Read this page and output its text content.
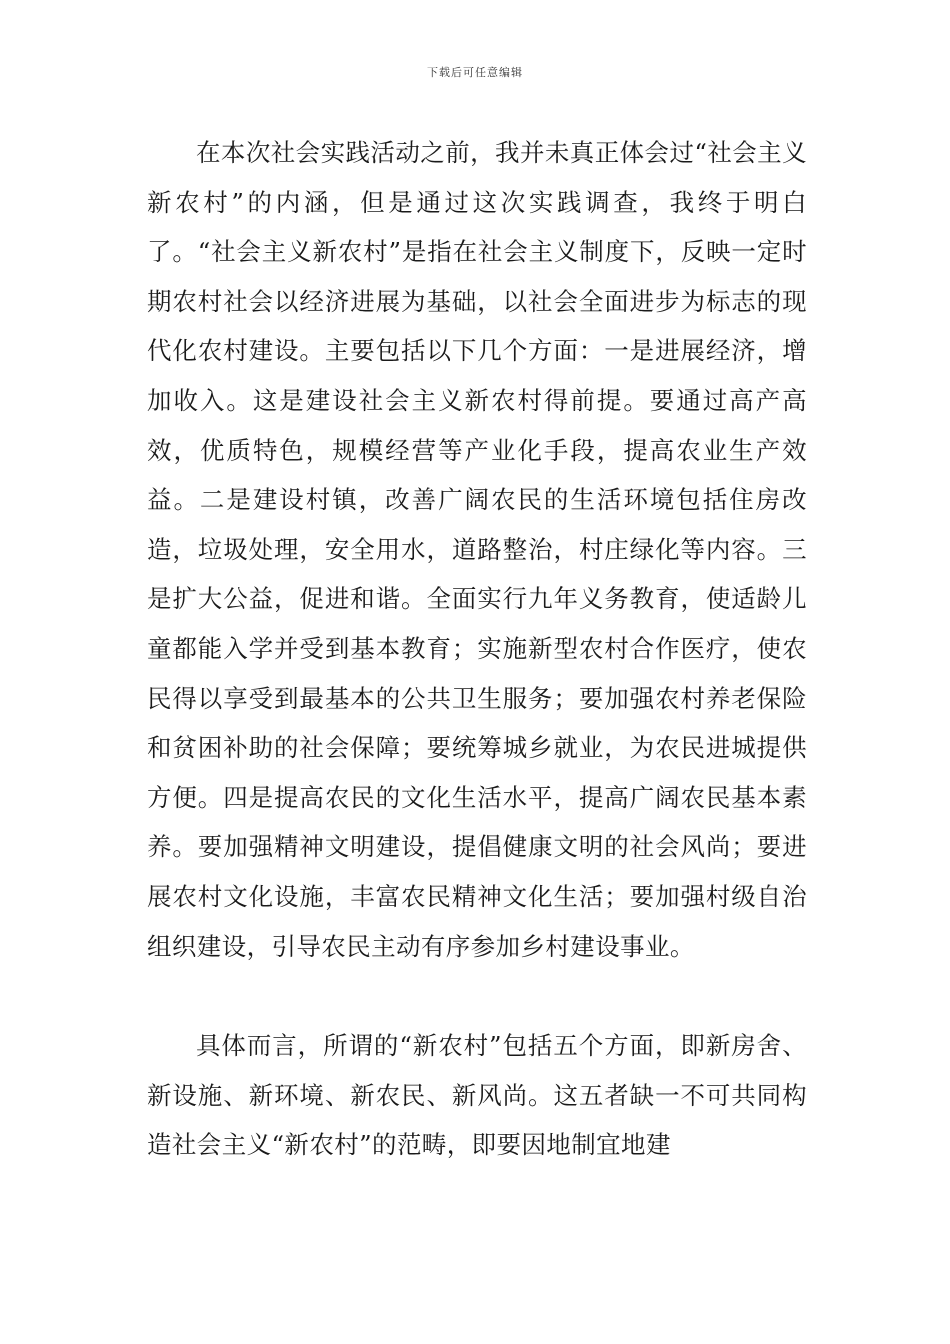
下载后可任意编辑

在本次社会实践活动之前，我并未真正体会过“社会主义新农村”的内涵，但是通过这次实践调查，我终于明白了。“社会主义新农村”是指在社会主义制度下，反映一定时期农村社会以经济进展为基础，以社会全面进步为标志的现代化农村建设。主要包括以下几个方面：一是进展经济，增加收入。这是建设社会主义新农村得前提。要通过高产高效，优质特色，规模经营等产业化手段，提高农业生产效益。二是建设村镇，改善广阔农民的生活环境包括住房改造，垃圾处理，安全用水，道路整治，村庄绿化等内容。三是扩大公益，促进和谐。全面实行九年义务教育，使适龄儿童都能入学并受到基本教育；实施新型农村合作医疗，使农民得以享受到最基本的公共卫生服务；要加强农村养老保险和贫困补助的社会保障；要统筹城乡就业，为农民进城提供方便。四是提高农民的文化生活水平，提高广阔农民基本素养。要加强精神文明建设，提倡健康文明的社会风尚；要进展农村文化设施，丰富农民精神文化生活；要加强村级自治组织建设，引导农民主动有序参加乡村建设事业。

具体而言，所谓的“新农村”包括五个方面，即新房舍、新设施、新环境、新农民、新风尚。这五者缺一不可共同构造社会主义“新农村”的范畴，即要因地制宜地建
